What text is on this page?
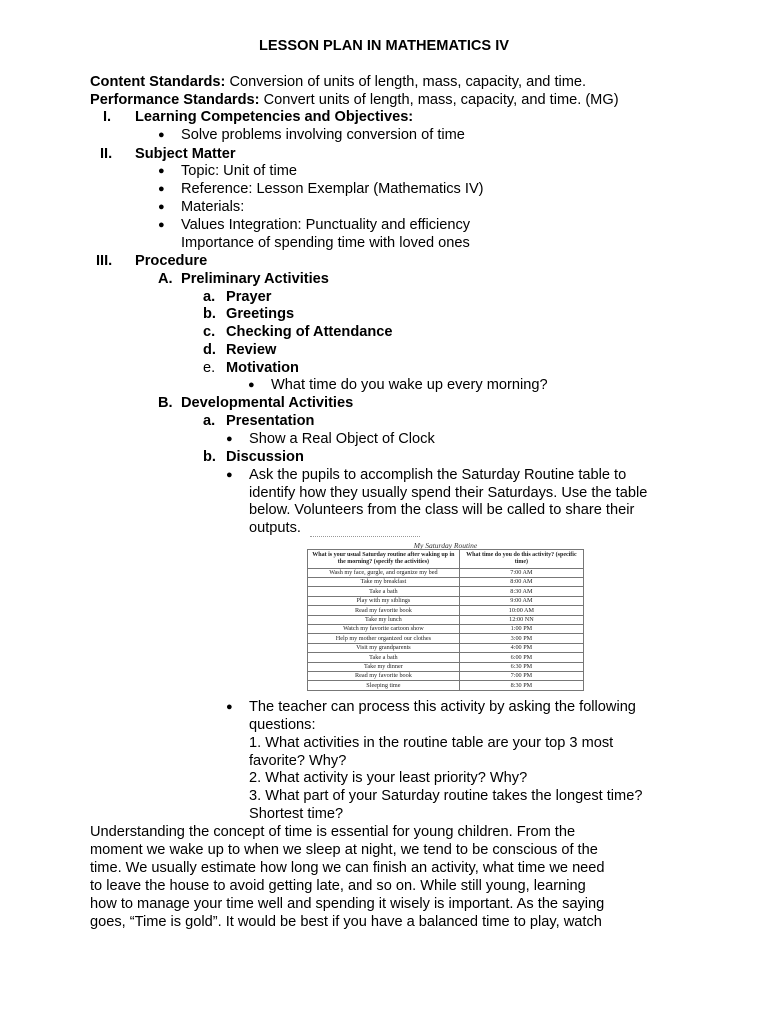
LESSON PLAN IN MATHEMATICS IV
Content Standards: Conversion of units of length, mass, capacity, and time.
Performance Standards: Convert units of length, mass, capacity, and time. (MG)
I. Learning Competencies and Objectives:
● Solve problems involving conversion of time
II. Subject Matter
● Topic: Unit of time
● Reference: Lesson Exemplar (Mathematics IV)
● Materials:
● Values Integration: Punctuality and efficiency
Importance of spending time with loved ones
III. Procedure
A. Preliminary Activities
a. Prayer
b. Greetings
c. Checking of Attendance
d. Review
e. Motivation
● What time do you wake up every morning?
B. Developmental Activities
a. Presentation
● Show a Real Object of Clock
b. Discussion
● Ask the pupils to accomplish the Saturday Routine table to
identify how they usually spend their Saturdays. Use the table
below. Volunteers from the class will be called to share their
outputs.
My Saturday Routine
What is your usual Saturday routine after waking up in the morning? (specify the activities)	What time do you do this activity? (specific time)
Wash my face, gurgle, and organize my bed	7:00 AM
Take my breakfast	8:00 AM
Take a bath	8:30 AM
Play with my siblings	9:00 AM
Read my favorite book	10:00 AM
Take my lunch	12:00 NN
Watch my favorite cartoon show	1:00 PM
Help my mother organized our clothes	3:00 PM
Visit my grandparents	4:00 PM
Take a bath	6:00 PM
Take my dinner	6:30 PM
Read my favorite book	7:00 PM
Sleeping time	8:30 PM
● The teacher can process this activity by asking the following
questions:
1. What activities in the routine table are your top 3 most
favorite? Why?
2. What activity is your least priority? Why?
3. What part of your Saturday routine takes the longest time?
Shortest time?
Understanding the concept of time is essential for young children. From the
moment we wake up to when we sleep at night, we tend to be conscious of the
time. We usually estimate how long we can finish an activity, what time we need
to leave the house to avoid getting late, and so on. While still young, learning
how to manage your time well and spending it wisely is important. As the saying
goes, “Time is gold”. It would be best if you have a balanced time to play, watch
